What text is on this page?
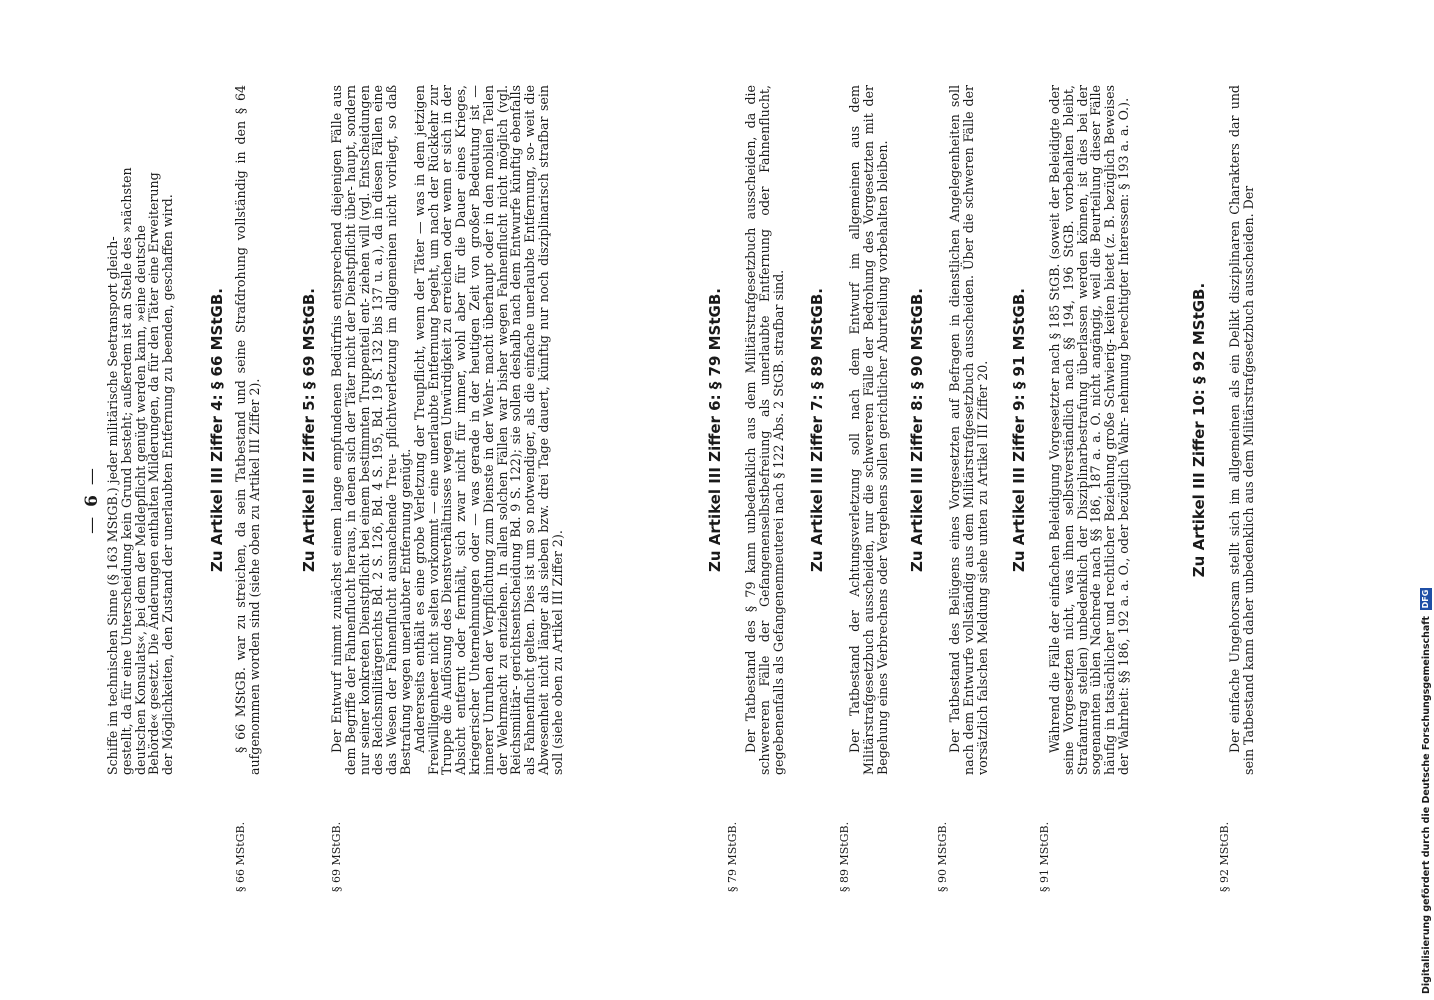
— 6 — Schiffe im technischen Sinne (§ 163 MStGB.) jeder militärische Seetransport gleich-

gestellt, da für eine Unterscheidung kein Grund besteht; außerdem ist an Stelle des »nächsten

deutschen Konsulats«, bei dem der Meldepflicht genügt werden kann, »eine deutsche

Behörde« gesetzt. Die Änderungen enthalten Milderungen, da für den Täter eine Erweiterung

der Möglichkeiten, den Zustand der unerlaubten Entfernung zu beenden, geschaffen wird. Zu Artikel III Ziffer 4: § 66 MStGB.
§ 66 MStGB.

§ 66 MStGB. war zu streichen, da sein Tatbestand und seine Strafdrohung vollständig in den § 64 aufgenommen worden sind (siehe oben zu Artikel III Ziffer 2).	Zu Artikel III Ziffer 5: § 69 MStGB.
§ 69 MStGB.

Der Entwurf nimmt zunächst einem lange empfundenen Bedürfnis entsprechend diejenigen Fälle aus dem Begriffe der Fahnenflucht heraus, in denen sich der Täter nicht der Dienstpflicht über- haupt, sondern nur seiner konkreten Dienstpflicht bei einem bestimmten Truppenteil ent- ziehen will (vgl. Entscheidungen des Reichsmilitärgerichts Bd. 2 S. 126, Bd. 4 S. 195, Bd. 19 S. 132 bis 137 u. a.), da in diesen Fällen eine das Wesen der Fahnenflucht ausmachende Treu- pflichtverletzung im allgemeinen nicht vorliegt, so daß Bestrafung wegen unerlaubter Entfernung genügt.

Andererseits enthält es eine grobe Verletzung der Treupflicht, wenn der Täter — was in dem jetzigen Freiwilligenheer nicht selten vorkommt — eine unerlaubte Entfernung begeht, um nach der Rückkehr zur Truppe die Auflösung des Dienstverhältnisses wegen Unwürdigkeit zu erreichen oder wenn er sich in der Absicht entfernt oder fernhält, sich zwar nicht für immer, wohl aber für die Dauer eines Krieges, kriegerischer Unternehmungen oder — was gerade in der heutigen Zeit von großer Bedeutung ist — innerer Unruhen der Verpflichtung zum Dienste in der Wehr- macht überhaupt oder in den mobilen Teilen der Wehrmacht zu entziehen. In allen solchen Fällen war bisher wegen Fahnenflucht nicht möglich (vgl. Reichsmilitär- gerichtsentscheidung Bd. 9 S. 122); sie sollen deshalb nach dem Entwurfe künftig ebenfalls als Fahnenflucht gelten. Dies ist um so notwendiger, als die einfache unerlaubte Entfernung, so- weit die Abwesenheit nicht länger als sieben bzw. drei Tage dauert, künftig nur noch disziplinarisch strafbar sein soll (siehe oben zu Artikel III Ziffer 2).

Zu Artikel III Ziffer 6: § 79 MStGB.
§ 79 MStGB.

Der Tatbestand des § 79 kann unbedenklich aus dem Militärstrafgesetzbuch ausscheiden, da die schwereren Fälle der Gefangenenselbstbefreiung als unerlaubte Entfernung oder Fahnenflucht, gegebenenfalls als Gefangenenmeuterei nach § 122 Abs. 2 StGB. strafbar sind. Zu Artikel III Ziffer 7: § 89 MStGB.
§ 89 MStGB.

Der Tatbestand der Achtungsverletzung soll nach dem Entwurf im allgemeinen aus dem Militärstrafgesetzbuch ausscheiden, nur die schwereren Fälle der Bedrohung des Vorgesetzten mit der Begehung eines Verbrechens oder Vergehens sollen gerichtlicher Aburteilung vorbehalten bleiben. Zu Artikel III Ziffer 8: § 90 MStGB.
§ 90 MStGB.

Der Tatbestand des Belügens eines Vorgesetzten auf Befragen in dienstlichen Angelegenheiten soll nach dem Entwurfe vollständig aus dem Militärstrafgesetzbuch ausscheiden. Über die schweren Fälle der vorsätzlich falschen Meldung siehe unten zu Artikel III Ziffer 20. Zu Artikel III Ziffer 9: § 91 MStGB.
§ 91 MStGB.

Während die Fälle der einfachen Beleidigung Vorgesetzter nach § 185 StGB. (soweit der Beleidigte oder seine Vorgesetzten nicht, was ihnen selbstverständlich nach §§ 194, 196 StGB. vorbehalten bleibt, Strafantrag stellen) unbedenklich der Disziplinarbestrafung überlassen werden können, ist dies bei der sogenannten üblen Nachrede nach §§ 186, 187 a. a. O. nicht angängig, weil die Beurteilung dieser Fälle häufig in tatsächlicher und rechtlicher Beziehung große Schwierig- keiten bietet (z. B. bezüglich Beweises der Wahrheit: §§ 186, 192 a. a. O., oder bezüglich Wahr- nehmung berechtigter Interessen: § 193 a. a. O.).	Zu Artikel III Ziffer 10: § 92 MStGB.
§ 92 MStGB.

Der einfache Ungehorsam stellt sich im allgemeinen als ein Delikt disziplinaren Charakters dar und sein Tatbestand kann daher unbedenklich aus dem Militärstrafgesetzbuch ausscheiden. Der

Digitalisierung gefördert durch die Deutsche Forschungsgemeinschaft
DFG
